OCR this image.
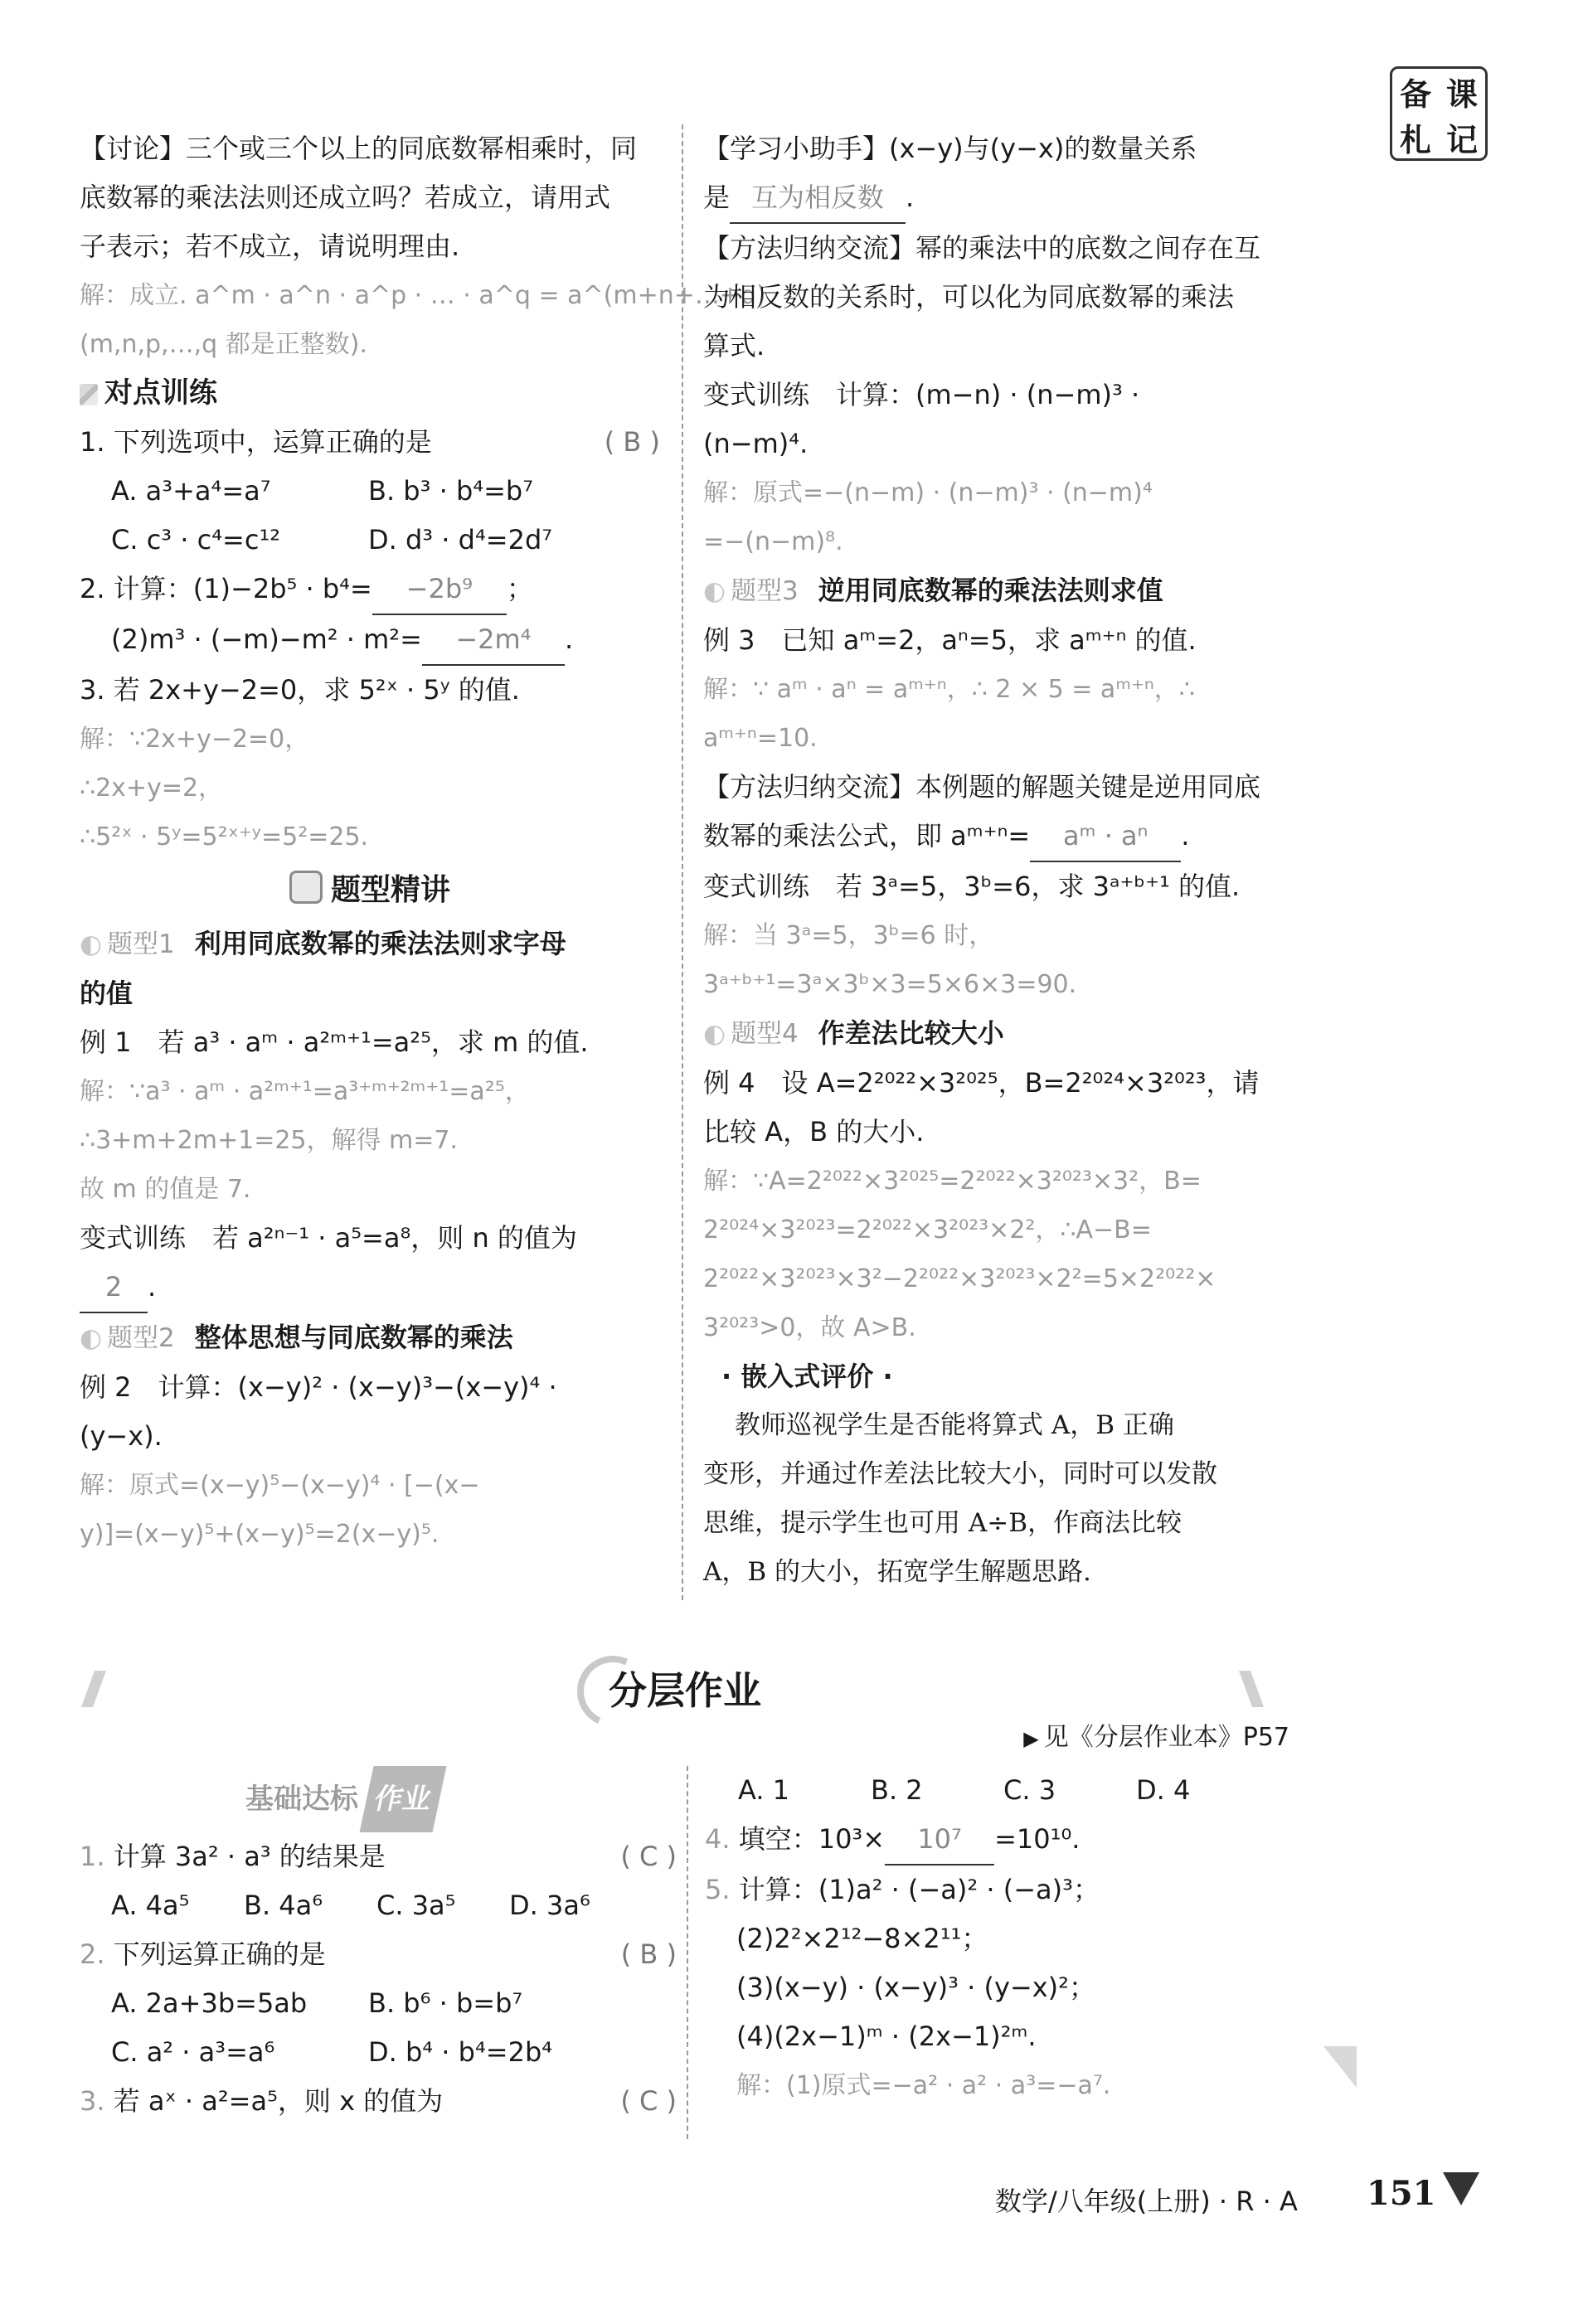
备 课
札 记
【讨论】三个或三个以上的同底数幂相乘时，同
底数幂的乘法法则还成立吗？若成立，请用式
子表示；若不成立，请说明理由.
解：成立. a^m · a^n · a^p · … · a^q = a^(m+n+…+q)
(m,n,p,…,q 都是正整数).
对点训练
1. 下列选项中，运算正确的是	( B )
A. a³+a⁴=a⁷	B. b³ · b⁴=b⁷
C. c³ · c⁴=c¹²	D. d³ · d⁴=2d⁷
2. 计算：(1)−2b⁵ · b⁴= −2b⁹ ；
(2)m³ · (−m)−m² · m²= −2m⁴ .
3. 若 2x+y−2=0，求 5²ˣ · 5ʸ 的值.
解：∵2x+y−2=0，
∴2x+y=2，
∴5²ˣ · 5ʸ=5²ˣ⁺ʸ=5²=25.
题型精讲
◐ 题型1 利用同底数幂的乘法法则求字母
的值
例 1　若 a³ · aᵐ · a²ᵐ⁺¹=a²⁵，求 m 的值.
解：∵a³ · aᵐ · a²ᵐ⁺¹=a³⁺ᵐ⁺²ᵐ⁺¹=a²⁵，
∴3+m+2m+1=25，解得 m=7.
故 m 的值是 7.
变式训练　若 a²ⁿ⁻¹ · a⁵=a⁸，则 n 的值为
2 .
◐ 题型2 整体思想与同底数幂的乘法
例 2　计算：(x−y)² · (x−y)³−(x−y)⁴ ·
(y−x).
解：原式=(x−y)⁵−(x−y)⁴ · [−(x−
y)]=(x−y)⁵+(x−y)⁵=2(x−y)⁵.
【学习小助手】(x−y)与(y−x)的数量关系
是 互为相反数 .
【方法归纳交流】幂的乘法中的底数之间存在互
为相反数的关系时，可以化为同底数幂的乘法
算式.
变式训练　计算：(m−n) · (n−m)³ ·
(n−m)⁴.
解：原式=−(n−m) · (n−m)³ · (n−m)⁴
=−(n−m)⁸.
◐ 题型3 逆用同底数幂的乘法法则求值
例 3　已知 aᵐ=2，aⁿ=5，求 aᵐ⁺ⁿ 的值.
解：∵ aᵐ · aⁿ = aᵐ⁺ⁿ，∴ 2 × 5 = aᵐ⁺ⁿ，∴
aᵐ⁺ⁿ=10.
【方法归纳交流】本例题的解题关键是逆用同底
数幂的乘法公式，即 aᵐ⁺ⁿ= aᵐ · aⁿ .
变式训练　若 3ᵃ=5，3ᵇ=6，求 3ᵃ⁺ᵇ⁺¹ 的值.
解：当 3ᵃ=5，3ᵇ=6 时，
3ᵃ⁺ᵇ⁺¹=3ᵃ×3ᵇ×3=5×6×3=90.
◐ 题型4 作差法比较大小
例 4　设 A=2²⁰²²×3²⁰²⁵，B=2²⁰²⁴×3²⁰²³，请
比较 A，B 的大小.
解：∵A=2²⁰²²×3²⁰²⁵=2²⁰²²×3²⁰²³×3²，B=
2²⁰²⁴×3²⁰²³=2²⁰²²×3²⁰²³×2²，∴A−B=
2²⁰²²×3²⁰²³×3²−2²⁰²²×3²⁰²³×2²=5×2²⁰²²×
3²⁰²³>0，故 A>B.
· 嵌入式评价 ·
教师巡视学生是否能将算式 A，B 正确
变形，并通过作差法比较大小，同时可以发散
思维，提示学生也可用 A÷B，作商法比较
A，B 的大小，拓宽学生解题思路.
分层作业
▶ 见《分层作业本》P57
基础达标 作业
1. 计算 3a² · a³ 的结果是	( C )
A. 4a⁵	B. 4a⁶	C. 3a⁵	D. 3a⁶
2. 下列运算正确的是	( B )
A. 2a+3b=5ab	B. b⁶ · b=b⁷
C. a² · a³=a⁶	D. b⁴ · b⁴=2b⁴
3. 若 aˣ · a²=a⁵，则 x 的值为	( C )
A. 1	B. 2	C. 3	D. 4
4. 填空：10³× 10⁷ =10¹⁰.
5. 计算：(1)a² · (−a)² · (−a)³；
(2)2²×2¹²−8×2¹¹；
(3)(x−y) · (x−y)³ · (y−x)²；
(4)(2x−1)ᵐ · (2x−1)²ᵐ.
解：(1)原式=−a² · a² · a³=−a⁷.
数学/八年级(上册) · R · A 151
